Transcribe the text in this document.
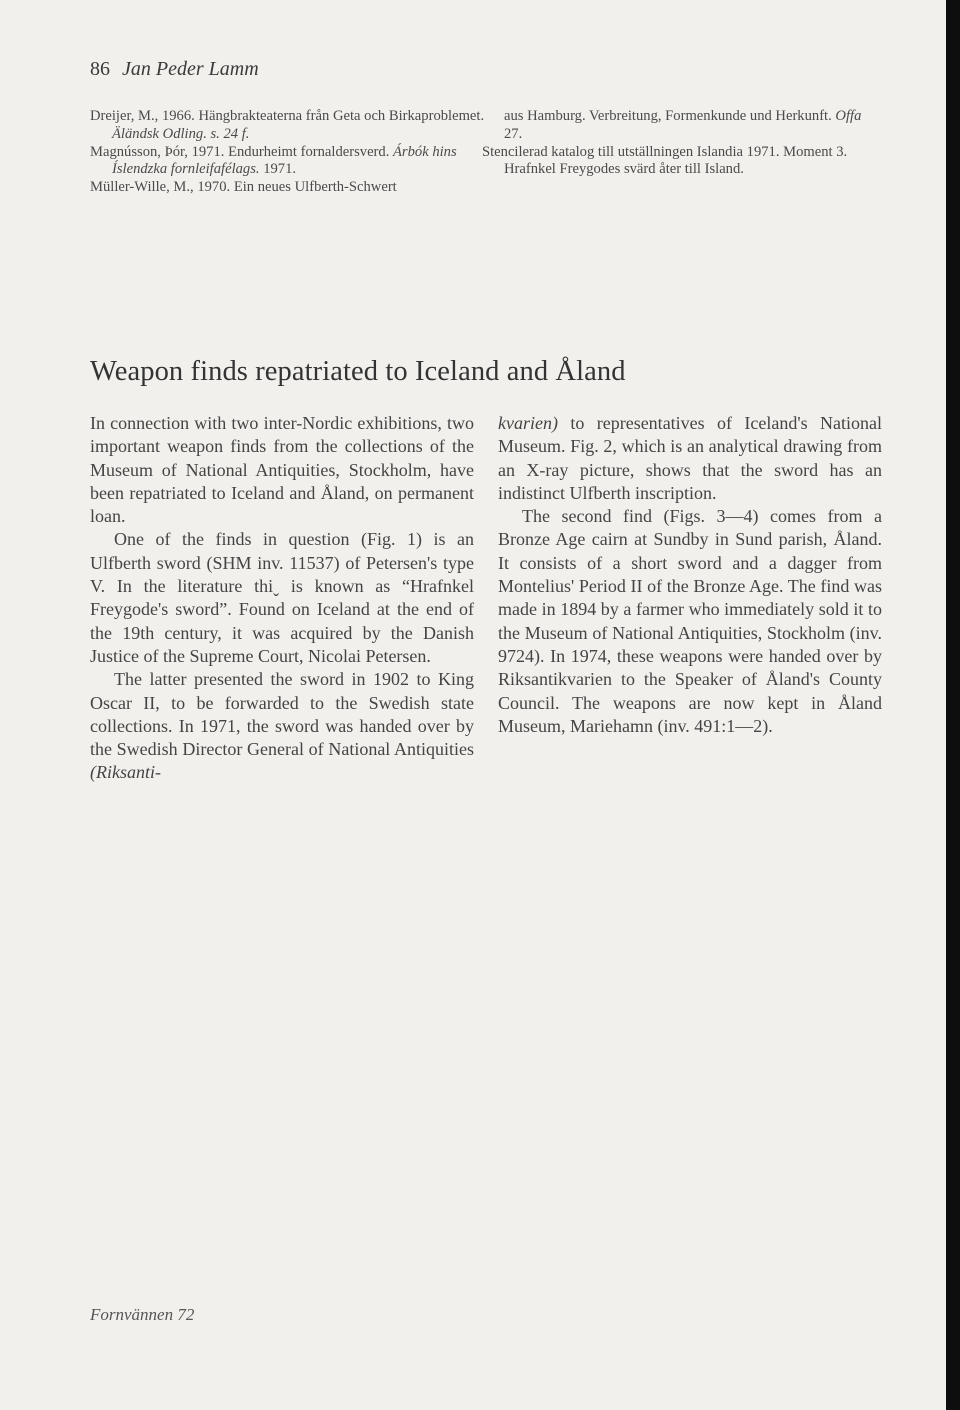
86 Jan Peder Lamm

Dreijer, M., 1966. Hängbrakteaterna från Geta och Birkaproblemet. Äländsk Odling. s. 24 f.

Magnússon, Þór, 1971. Endurheimt fornaldersverd. Árbók hins Íslendzka fornleifafélags. 1971.

Müller-Wille, M., 1970. Ein neues Ulfberth-Schwert

aus Hamburg. Verbreitung, Formenkunde und Herkunft. Offa 27.

Stencilerad katalog till utställningen Islandia 1971. Moment 3. Hrafnkel Freygodes svärd åter till Island.

Weapon finds repatriated to Iceland and Åland

In connection with two inter-Nordic exhibitions, two important weapon finds from the collections of the Museum of National Antiquities, Stockholm, have been repatriated to Iceland and Åland, on permanent loan.

One of the finds in question (Fig. 1) is an Ulfberth sword (SHM inv. 11537) of Petersen's type V. In the literature thiˬ is known as “Hrafnkel Freygode's sword”. Found on Iceland at the end of the 19th century, it was acquired by the Danish Justice of the Supreme Court, Nicolai Petersen.

The latter presented the sword in 1902 to King Oscar II, to be forwarded to the Swedish state collections. In 1971, the sword was handed over by the Swedish Director General of National Antiquities (Riksanti-

kvarien) to representatives of Iceland's National Museum. Fig. 2, which is an analytical drawing from an X-ray picture, shows that the sword has an indistinct Ulfberth inscription.

The second find (Figs. 3—4) comes from a Bronze Age cairn at Sundby in Sund parish, Åland. It consists of a short sword and a dagger from Montelius' Period II of the Bronze Age. The find was made in 1894 by a farmer who immediately sold it to the Museum of National Antiquities, Stockholm (inv. 9724). In 1974, these weapons were handed over by Riksantikvarien to the Speaker of Åland's County Council. The weapons are now kept in Åland Museum, Mariehamn (inv. 491:1—2).

Fornvännen 72
